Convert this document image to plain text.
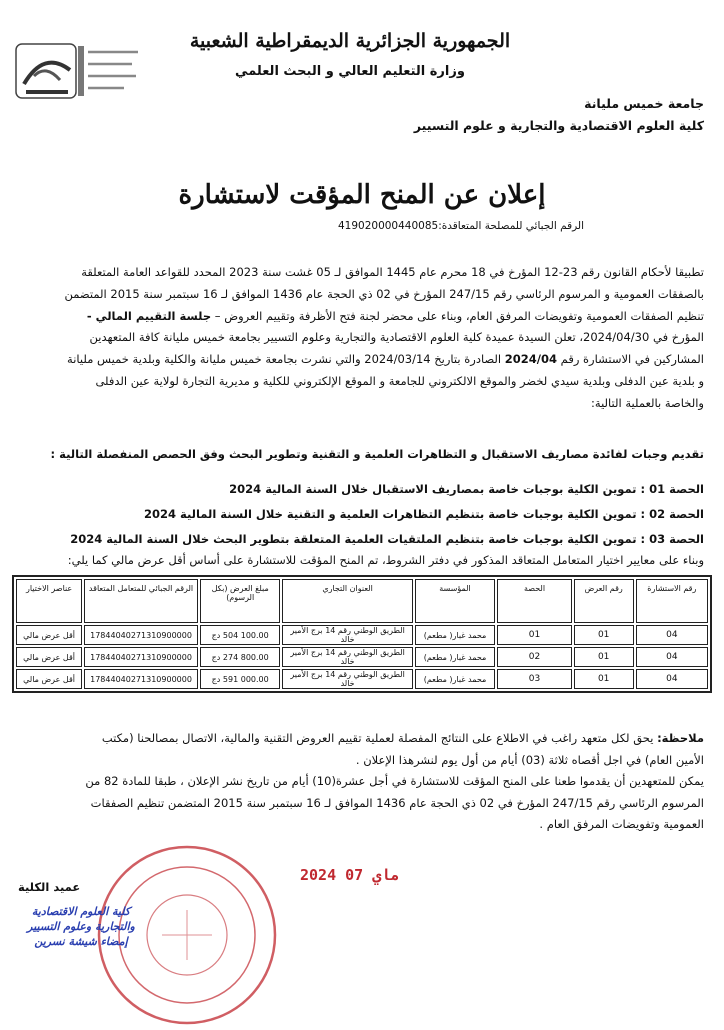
الجمهورية الجزائرية الديمقراطية الشعبية
وزارة التعليم العالي و البحث العلمي
جامعة خميس مليانة
كلية العلوم الاقتصادية والتجارية و علوم التسيير
إعلان عن المنح المؤقت لاستشارة
الرقم الجبائي للمصلحة المتعاقدة:419020000440085
تطبيقا لأحكام القانون رقم 23-12 المؤرخ في 18 محرم عام 1445 الموافق لـ 05 غشت سنة 2023 المحدد للقواعد العامة المتعلقة
بالصفقات العمومية و المرسوم الرئاسي رقم 247/15 المؤرخ في 02 ذي الحجة عام 1436 الموافق لـ 16 سبتمبر سنة 2015 المتضمن
تنظيم الصفقات العمومية وتفويضات المرفق العام، وبناء على محضر لجنة فتح الأظرفة وتقييم العروض – جلسة التقييم المالي -
المؤرخ في 2024/04/30، تعلن السيدة عميدة كلية العلوم الاقتصادية والتجارية وعلوم التسيير بجامعة خميس مليانة كافة المتعهدين
المشاركين في الاستشارة رقم 2024/04 الصادرة بتاريخ 2024/03/14 والتي نشرت بجامعة خميس مليانة والكلية وبلدية خميس مليانة
و بلدية عين الدفلى وبلدية سيدي لخضر والموقع الالكتروني للجامعة و الموقع الإلكتروني للكلية و مديرية التجارة لولاية عين الدفلى
والخاصة بالعملية التالية:
تقديم وجبات لفائدة مصاريف الاستقبال و التظاهرات العلمية و التقنية وتطوير البحث وفق الحصص المنفصلة التالية :
الحصة 01 : تموين الكلية بوجبات خاصة بمصاريف الاستقبال خلال السنة المالية 2024
الحصة 02 : تموين الكلية بوجبات خاصة بتنظيم التظاهرات العلمية و التقنية خلال السنة المالية 2024
الحصة 03 : تموين الكلية بوجبات خاصة بتنظيم الملتقيات العلمية المتعلقة بتطوير البحث خلال السنة المالية 2024
وبناء على معايير اختيار المتعامل المتعاقد المذكور في دفتر الشروط، تم المنح المؤقت للاستشارة على أساس أقل عرض مالي كما يلي:
رقم الاستشارة	رقم العرض	الحصة	المؤسسة	العنوان التجاري	مبلغ العرض (بكل الرسوم)	الرقم الجبائي للمتعامل المتعاقد	عناصر الاختيار
04	01	01	محمد غبار( مطعم)	الطريق الوطني رقم 14 برج الأمير خالد	100.00 504 دج	17844040271310900000	أقل عرض مالي
04	01	02	محمد غبار( مطعم)	الطريق الوطني رقم 14 برج الأمير خالد	800.00 274 دج	17844040271310900000	أقل عرض مالي
04	01	03	محمد غبار( مطعم)	الطريق الوطني رقم 14 برج الأمير خالد	000.00 591 دج	17844040271310900000	أقل عرض مالي
ملاحظة: يحق لكل متعهد راغب في الاطلاع على النتائج المفصلة لعملية تقييم العروض التقنية والمالية، الاتصال بمصالحنا (مكتب
الأمين العام) في اجل أقصاه ثلاثة (03) أيام من أول يوم لنشرهذا الإعلان .
يمكن للمتعهدين أن يقدموا طعنا على المنح المؤقت للاستشارة في أجل عشرة(10) أيام من تاريخ نشر الإعلان ، طبقا للمادة 82 من
المرسوم الرئاسي رقم 247/15 المؤرخ في 02 ذي الحجة عام 1436 الموافق لـ 16 سبتمبر سنة 2015 المتضمن تنظيم الصفقات
العمومية وتفويضات المرفق العام .
2024 ماي 07
عميد الكلية
كلية العلوم الاقتصادية
والتجارية وعلوم التسيير
إمضاء شيشة نسرين
